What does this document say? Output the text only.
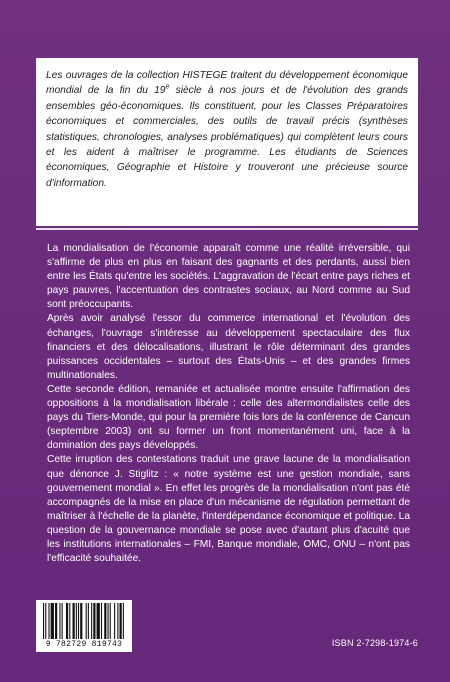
Les ouvrages de la collection HISTEGE traitent du développement économique mondial de la fin du 19e siècle à nos jours et de l'évolution des grands ensembles géo-économiques. Ils constituent, pour les Classes Préparatoires économiques et commerciales, des outils de travail précis (synthèses statistiques, chronologies, analyses problématiques) qui complètent leurs cours et les aident à maîtriser le programme. Les étudiants de Sciences économiques, Géographie et Histoire y trouveront une précieuse source d'information.

La mondialisation de l'économie apparaît comme une réalité irréversible, qui s'affirme de plus en plus en faisant des gagnants et des perdants, aussi bien entre les États qu'entre les sociétés. L'aggravation de l'écart entre pays riches et pays pauvres, l'accentuation des contrastes sociaux, au Nord comme au Sud sont préoccupants.

Après avoir analysé l'essor du commerce international et l'évolution des échanges, l'ouvrage s'intéresse au développement spectaculaire des flux financiers et des délocalisations, illustrant le rôle déterminant des grandes puissances occidentales – surtout des États-Unis – et des grandes firmes multinationales.

Cette seconde édition, remaniée et actualisée montre ensuite l'affirmation des oppositions à la mondialisation libérale : celle des altermondialistes celle des pays du Tiers-Monde, qui pour la première fois lors de la conférence de Cancun (septembre 2003) ont su former un front momentanément uni, face à la domination des pays développés.

Cette irruption des contestations traduit une grave lacune de la mondialisation que dénonce J. Stiglitz : « notre système est une gestion mondiale, sans gouvernement mondial ». En effet les progrès de la mondialisation n'ont pas été accompagnés de la mise en place d'un mécanisme de régulation permettant de maîtriser à l'échelle de la planète, l'interdépendance économique et politique. La question de la gouvernance mondiale se pose avec d'autant plus d'acuité que les institutions internationales – FMI, Banque mondiale, OMC, ONU – n'ont pas l'efficacité souhaitée.

9 782729 819743	ISBN 2-7298-1974-6
